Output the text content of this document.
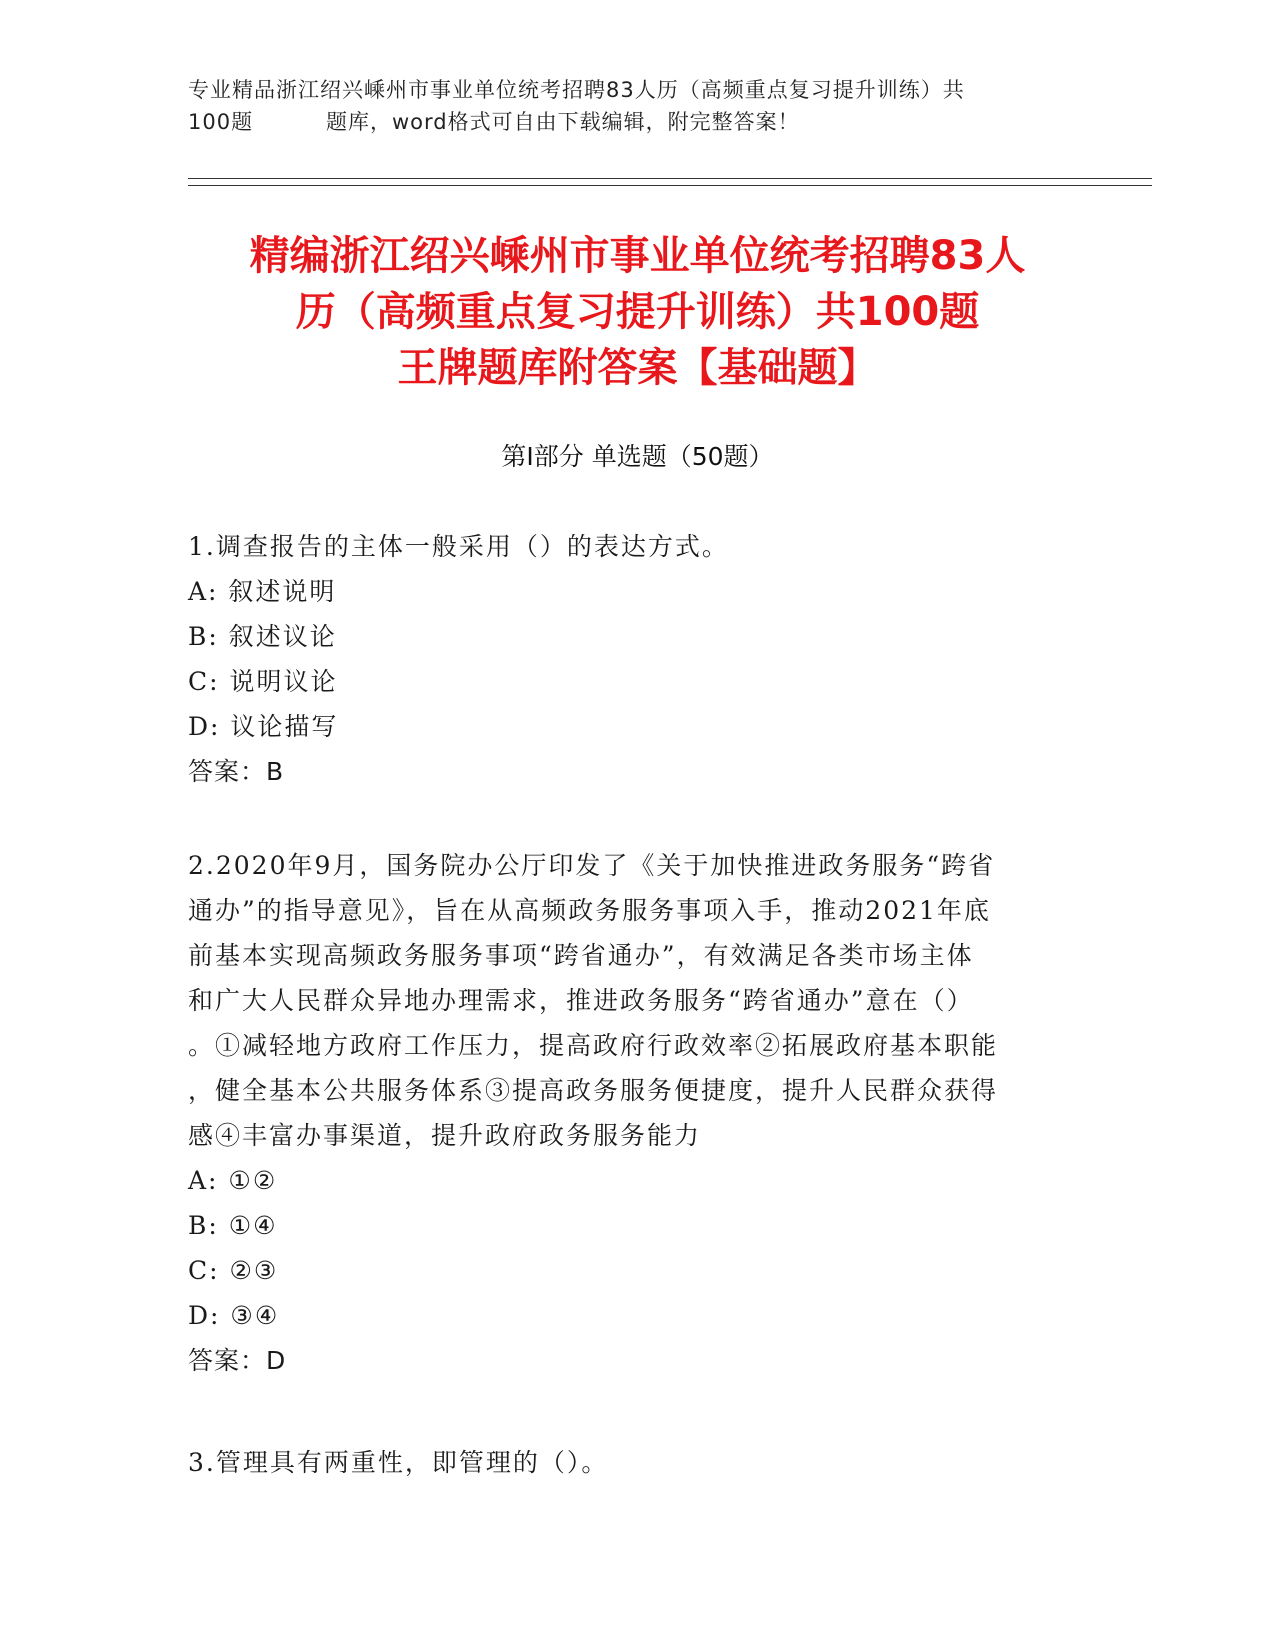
专业精品浙江绍兴嵊州市事业单位统考招聘83人历（高频重点复习提升训练）共
100题	题库，word格式可自由下载编辑，附完整答案！
精编浙江绍兴嵊州市事业单位统考招聘83人
历（高频重点复习提升训练）共100题
王牌题库附答案【基础题】
第Ⅰ部分 单选题（50题）
1.调查报告的主体一般采用（）的表达方式。
A: 叙述说明
B: 叙述议论
C: 说明议论
D: 议论描写
答案：B
2.2020年9月，国务院办公厅印发了《关于加快推进政务服务“跨省
通办”的指导意见》，旨在从高频政务服务事项入手，推动2021年底
前基本实现高频政务服务事项“跨省通办”，有效满足各类市场主体
和广大人民群众异地办理需求，推进政务服务“跨省通办”意在（）
。①减轻地方政府工作压力，提高政府行政效率②拓展政府基本职能
，健全基本公共服务体系③提高政务服务便捷度，提升人民群众获得
感④丰富办事渠道，提升政府政务服务能力
A: ①②
B: ①④
C: ②③
D: ③④
答案：D
3.管理具有两重性，即管理的（）。
